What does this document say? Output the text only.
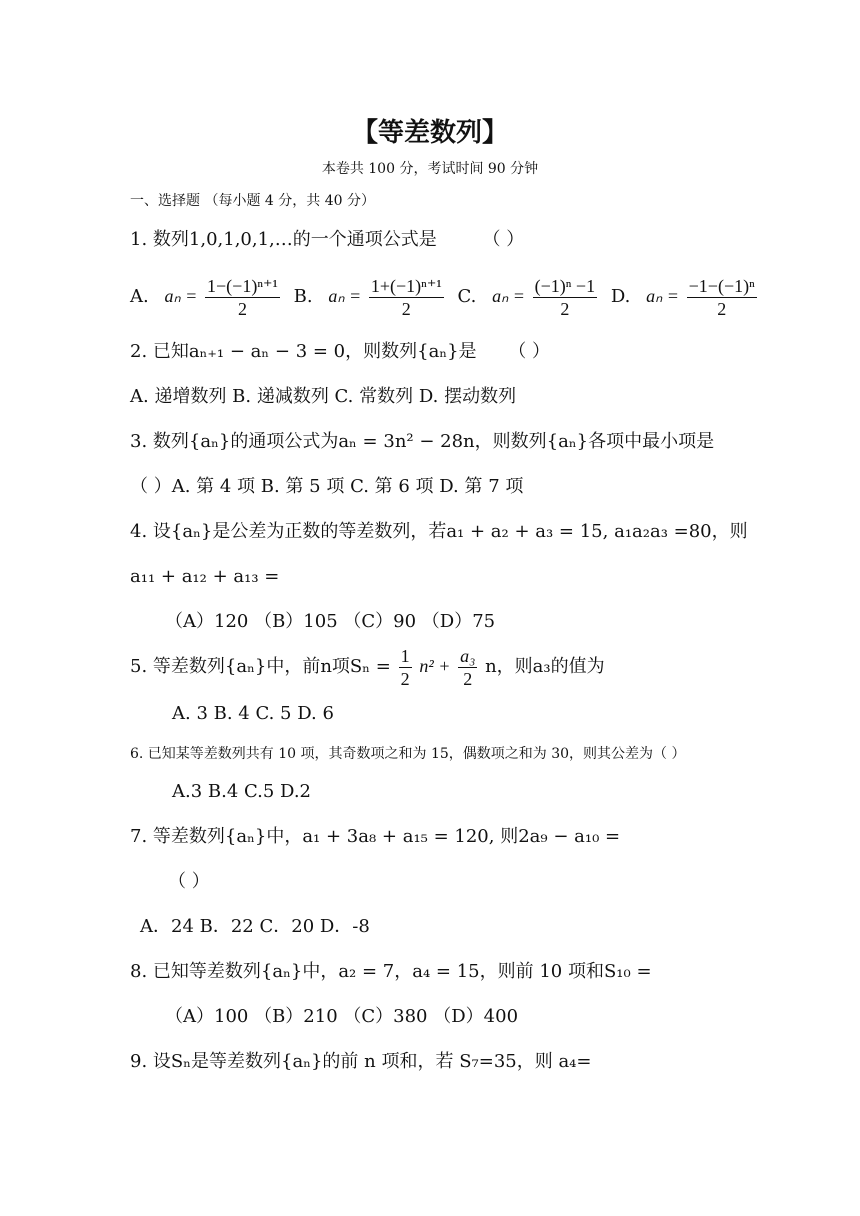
【等差数列】
本卷共 100 分，考试时间 90 分钟
一、选择题 （每小题 4 分，共 40 分）
1. 数列1,0,1,0,1,…的一个通项公式是	（ ）
A. $a_n = \frac{\text{1−(−1)ⁿ⁺¹}}{2} B$. $a_n = \frac{\text{1+(−1)ⁿ⁺¹}}{2} C$. $a_n = \frac{\text{(−1)ⁿ −1}}{2} D$. $a_n = \frac{\text{−1−(−1)ⁿ}}{2}$
2. 已知aₙ₊₁ − aₙ − 3 = 0，则数列{aₙ}是 （ ）
A. 递增数列 B. 递减数列 C. 常数列 D. 摆动数列
3. 数列{aₙ}的通项公式为aₙ = 3n² − 28n，则数列{aₙ}各项中最小项是
（ ）A. 第 4 项 B. 第 5 项 C. 第 6 项 D. 第 7 项
4. 设{aₙ}是公差为正数的等差数列，若a₁ + a₂ + a₃ = 15, a₁a₂a₃ =80，则
a₁₁ + a₁₂ + a₁₃ =
（A）120 （B）105 （C）90 （D）75
5. 等差数列{aₙ}中，前n项$S_n = \frac{1}{2} n^2 + \frac{\text{a₃}}{2}$ n，则a₃的值为
A. 3 B. 4 C. 5 D. 6
6. 已知某等差数列共有 10 项，其奇数项之和为 15，偶数项之和为 30，则其公差为（ ）
A.3 B.4 C.5 D.2
7. 等差数列{aₙ}中，a₁ + 3a₈ + a₁₅ = 120, 则2a₉ − a₁₀ =
（ ）
A．24 B．22 C．20 D．-8
8. 已知等差数列{aₙ}中，a₂ = 7，a₄ = 15，则前 10 项和S₁₀ =
（A）100 （B）210 （C）380 （D）400
9. 设Sₙ是等差数列{aₙ}的前 n 项和，若 S₇=35，则 a₄=
